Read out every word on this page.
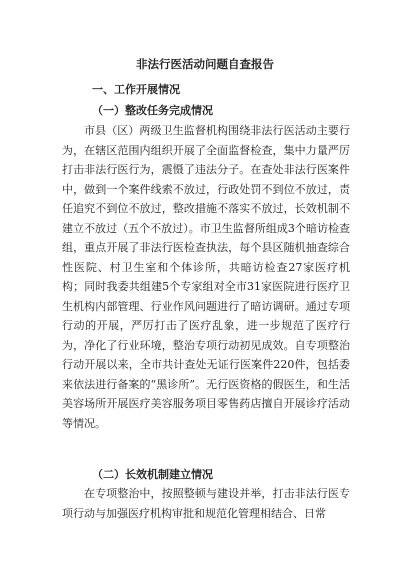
非法行医活动问题自查报告
一、工作开展情况
（一）整改任务完成情况
市县（区）两级卫生监督机构围绕非法行医活动主要行为，在辖区范围内组织开展了全面监督检查，集中力量严厉打击非法行医行为，震慑了违法分子。在查处非法行医案件中，做到一个案件线索不放过，行政处罚不到位不放过，责任追究不到位不放过，整改措施不落实不放过，长效机制不建立不放过（五个不放过）。市卫生监督所组成3个暗访检查组，重点开展了非法行医检查执法，每个县区随机抽查综合性医院、村卫生室和个体诊所，共暗访检查27家医疗机构；同时我委共组建5个专家组对全市31家医院进行医疗卫生机构内部管理、行业作风问题进行了暗访调研。通过专项行动的开展，严厉打击了医疗乱象，进一步规范了医疗行为，净化了行业环境，整治专项行动初见成效。自专项整治行动开展以来，全市共计查处无证行医案件220件，包括委来依法进行备案的“黑诊所”。无行医资格的假医生，和生活美容场所开展医疗美容服务项目零售药店擅自开展诊疗活动等情况。
（二）长效机制建立情况
在专项整治中，按照整顿与建设并举，打击非法行医专项行动与加强医疗机构审批和规范化管理相结合、日常
